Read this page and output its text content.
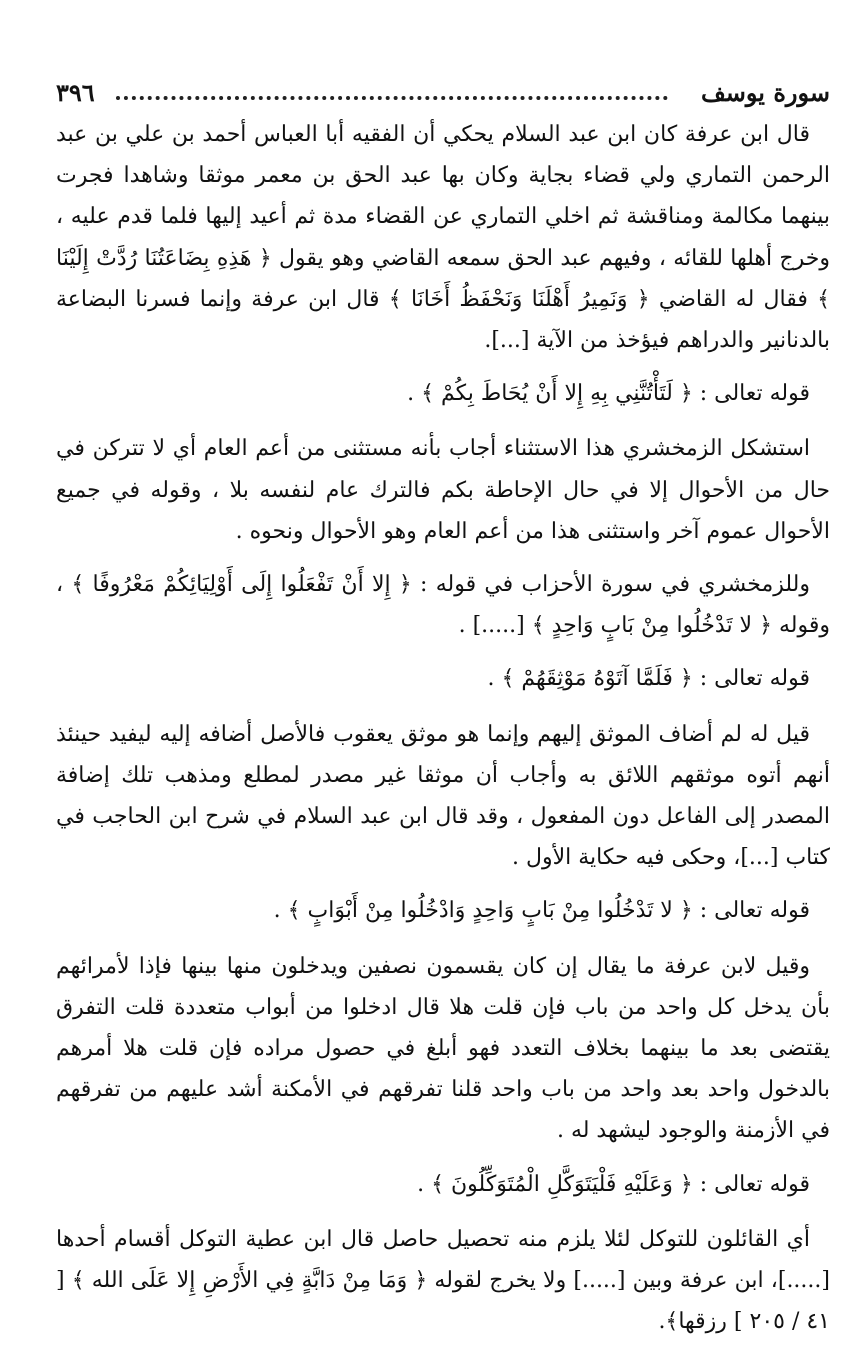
سورة يوسف
٣٩٦

قال ابن عرفة كان ابن عبد السلام يحكي أن الفقيه أبا العباس أحمد بن علي بن عبد الرحمن التماري ولي قضاء بجاية وكان بها عبد الحق بن معمر موثقا وشاهدا فجرت بينهما مكالمة ومناقشة ثم اخلي التماري عن القضاء مدة ثم أعيد إليها فلما قدم عليه ، وخرج أهلها للقائه ، وفيهم عبد الحق سمعه القاضي وهو يقول ﴿ هَذِهِ بِضَاعَتُنَا رُدَّتْ إِلَيْنَا ﴾ فقال له القاضي ﴿ وَنَمِيرُ أَهْلَنَا وَنَحْفَظُ أَخَانَا ﴾ قال ابن عرفة وإنما فسرنا البضاعة بالدنانير والدراهم فيؤخذ من الآية [...].

قوله تعالى : ﴿ لَتَأْتُنَّنِي بِهِ إِلا أَنْ يُحَاطَ بِكُمْ ﴾ .

استشكل الزمخشري هذا الاستثناء أجاب بأنه مستثنى من أعم العام أي لا تتركن في حال من الأحوال إلا في حال الإحاطة بكم فالترك عام لنفسه بلا ، وقوله في جميع الأحوال عموم آخر واستثنى هذا من أعم العام وهو الأحوال ونحوه .

وللزمخشري في سورة الأحزاب في قوله : ﴿ إِلا أَنْ تَفْعَلُوا إِلَى أَوْلِيَائِكُمْ مَعْرُوفًا ﴾ ، وقوله ﴿ لا تَدْخُلُوا مِنْ بَابٍ وَاحِدٍ ﴾ [.....] .

قوله تعالى : ﴿ فَلَمَّا آتَوْهُ مَوْثِقَهُمْ ﴾ .

قيل له لم أضاف الموثق إليهم وإنما هو موثق يعقوب فالأصل أضافه إليه ليفيد حينئذ أنهم أتوه موثقهم اللائق به وأجاب أن موثقا غير مصدر لمطلع ومذهب تلك إضافة المصدر إلى الفاعل دون المفعول ، وقد قال ابن عبد السلام في شرح ابن الحاجب في كتاب [...]، وحكى فيه حكاية الأول .

قوله تعالى : ﴿ لا تَدْخُلُوا مِنْ بَابٍ وَاحِدٍ وَادْخُلُوا مِنْ أَبْوَابٍ ﴾ .

وقيل لابن عرفة ما يقال إن كان يقسمون نصفين ويدخلون منها بينها فإذا لأمرائهم بأن يدخل كل واحد من باب فإن قلت هلا قال ادخلوا من أبواب متعددة قلت التفرق يقتضى بعد ما بينهما بخلاف التعدد فهو أبلغ في حصول مراده فإن قلت هلا أمرهم بالدخول واحد بعد واحد من باب واحد قلنا تفرقهم في الأمكنة أشد عليهم من تفرقهم في الأزمنة والوجود ليشهد له .

قوله تعالى : ﴿ وَعَلَيْهِ فَلْيَتَوَكَّلِ الْمُتَوَكِّلُونَ ﴾ .

أي القائلون للتوكل لئلا يلزم منه تحصيل حاصل قال ابن عطية التوكل أقسام أحدها [.....]، ابن عرفة وبين [.....] ولا يخرج لقوله ﴿ وَمَا مِنْ دَابَّةٍ فِي الأَرْضِ إِلا عَلَى الله ﴾ [ ٤١ / ٢٠٥ ] رزقها﴾.
